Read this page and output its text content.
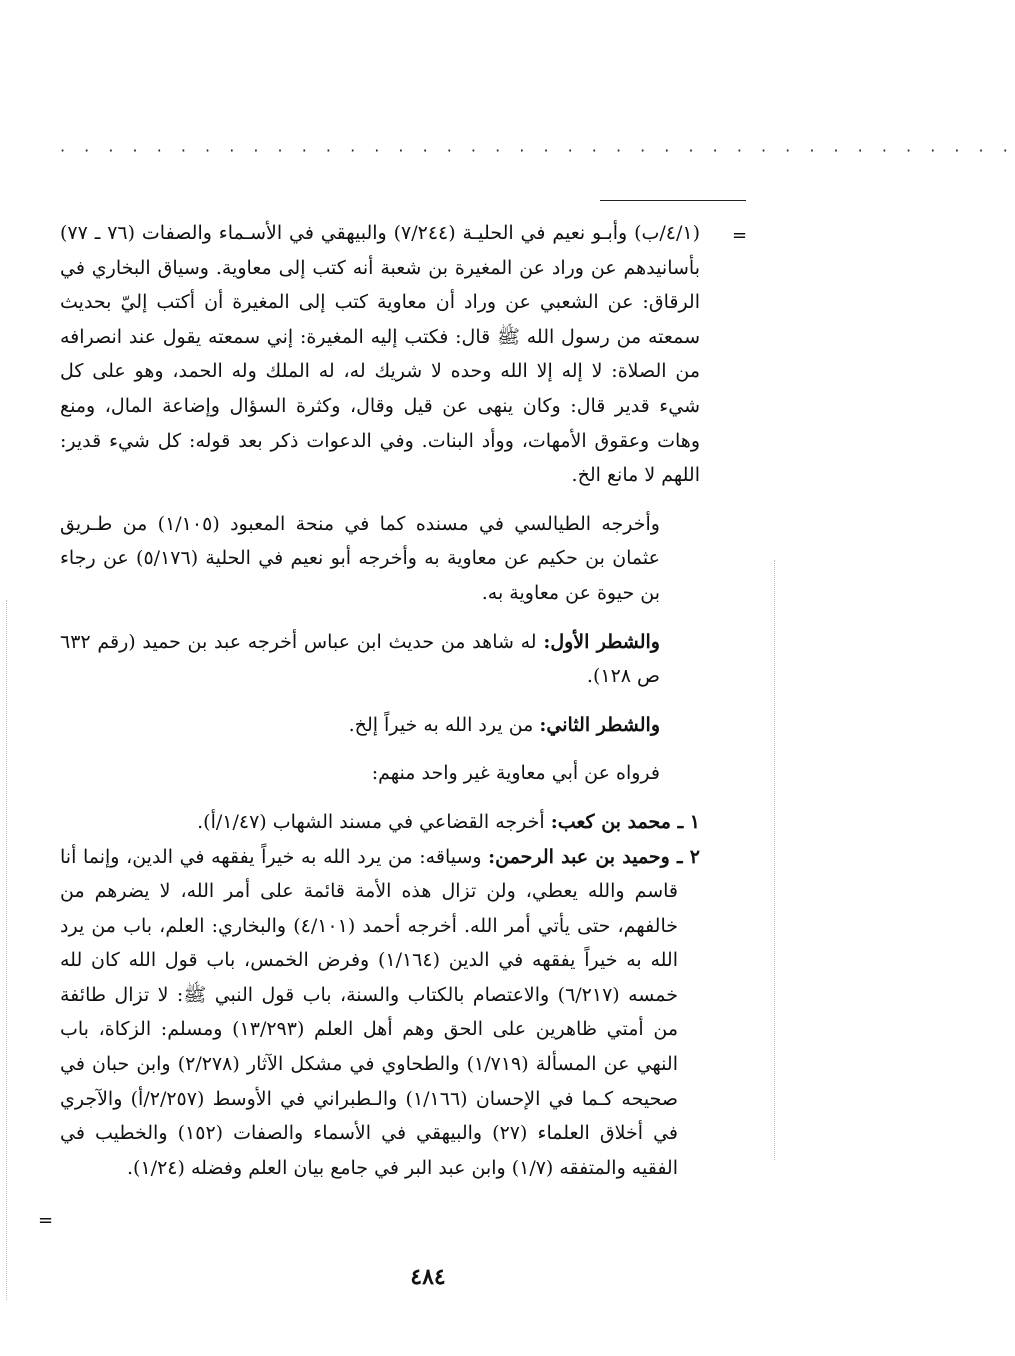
· · · · · · · · · · · · · · · · · · · · · · · · · · · · · · · · · · · · · · · ·
=

(٤/١/ب) وأبـو نعيم في الحليـة (٧/٢٤٤) والبيهقي في الأسـماء والصفات (٧٦ ـ ٧٧) بأسانيدهم عن وراد عن المغيرة بن شعبة أنه كتب إلى معاوية. وسياق البخاري في الرقاق: عن الشعبي عن وراد أن معاوية كتب إلى المغيرة أن أكتب إليّ بحديث سمعته من رسول الله ﷺ قال: فكتب إليه المغيرة: إني سمعته يقول عند انصرافه من الصلاة: لا إله إلا الله وحده لا شريك له، له الملك وله الحمد، وهو على كل شيء قدير قال: وكان ينهى عن قيل وقال، وكثرة السؤال وإضاعة المال، ومنع وهات وعقوق الأمهات، ووأد البنات. وفي الدعوات ذكر بعد قوله: كل شيء قدير: اللهم لا مانع الخ.

وأخرجه الطيالسي في مسنده كما في منحة المعبود (١/١٠٥) من طـريق عثمان بن حكيم عن معاوية به وأخرجه أبو نعيم في الحلية (٥/١٧٦) عن رجاء بن حيوة عن معاوية به.

والشطر الأول: له شاهد من حديث ابن عباس أخرجه عبد بن حميد (رقم ٦٣٢ ص ١٢٨).

والشطر الثاني: من يرد الله به خيراً إلخ.

فرواه عن أبي معاوية غير واحد منهم:

١ ـ محمد بن كعب: أخرجه القضاعي في مسند الشهاب (١/٤٧/أ).

٢ ـ وحميد بن عبد الرحمن: وسياقه: من يرد الله به خيراً يفقهه في الدين، وإنما أنا قاسم والله يعطي، ولن تزال هذه الأمة قائمة على أمر الله، لا يضرهم من خالفهم، حتى يأتي أمر الله. أخرجه أحمد (٤/١٠١) والبخاري: العلم، باب من يرد الله به خيراً يفقهه في الدين (١/١٦٤) وفرض الخمس، باب قول الله كان لله خمسه (٦/٢١٧) والاعتصام بالكتاب والسنة، باب قول النبي ﷺ: لا تزال طائفة من أمتي ظاهرين على الحق وهم أهل العلم (١٣/٢٩٣) ومسلم: الزكاة، باب النهي عن المسألة (١/٧١٩) والطحاوي في مشكل الآثار (٢/٢٧٨) وابن حبان في صحيحه كـما في الإحسان (١/١٦٦) والـطبراني في الأوسط (٢/٢٥٧/أ) والآجري في أخلاق العلماء (٢٧) والبيهقي في الأسماء والصفات (١٥٢) والخطيب في الفقيه والمتفقه (١/٧) وابن عبد البر في جامع بيان العلم وفضله (١/٢٤).

=
٤٨٤
